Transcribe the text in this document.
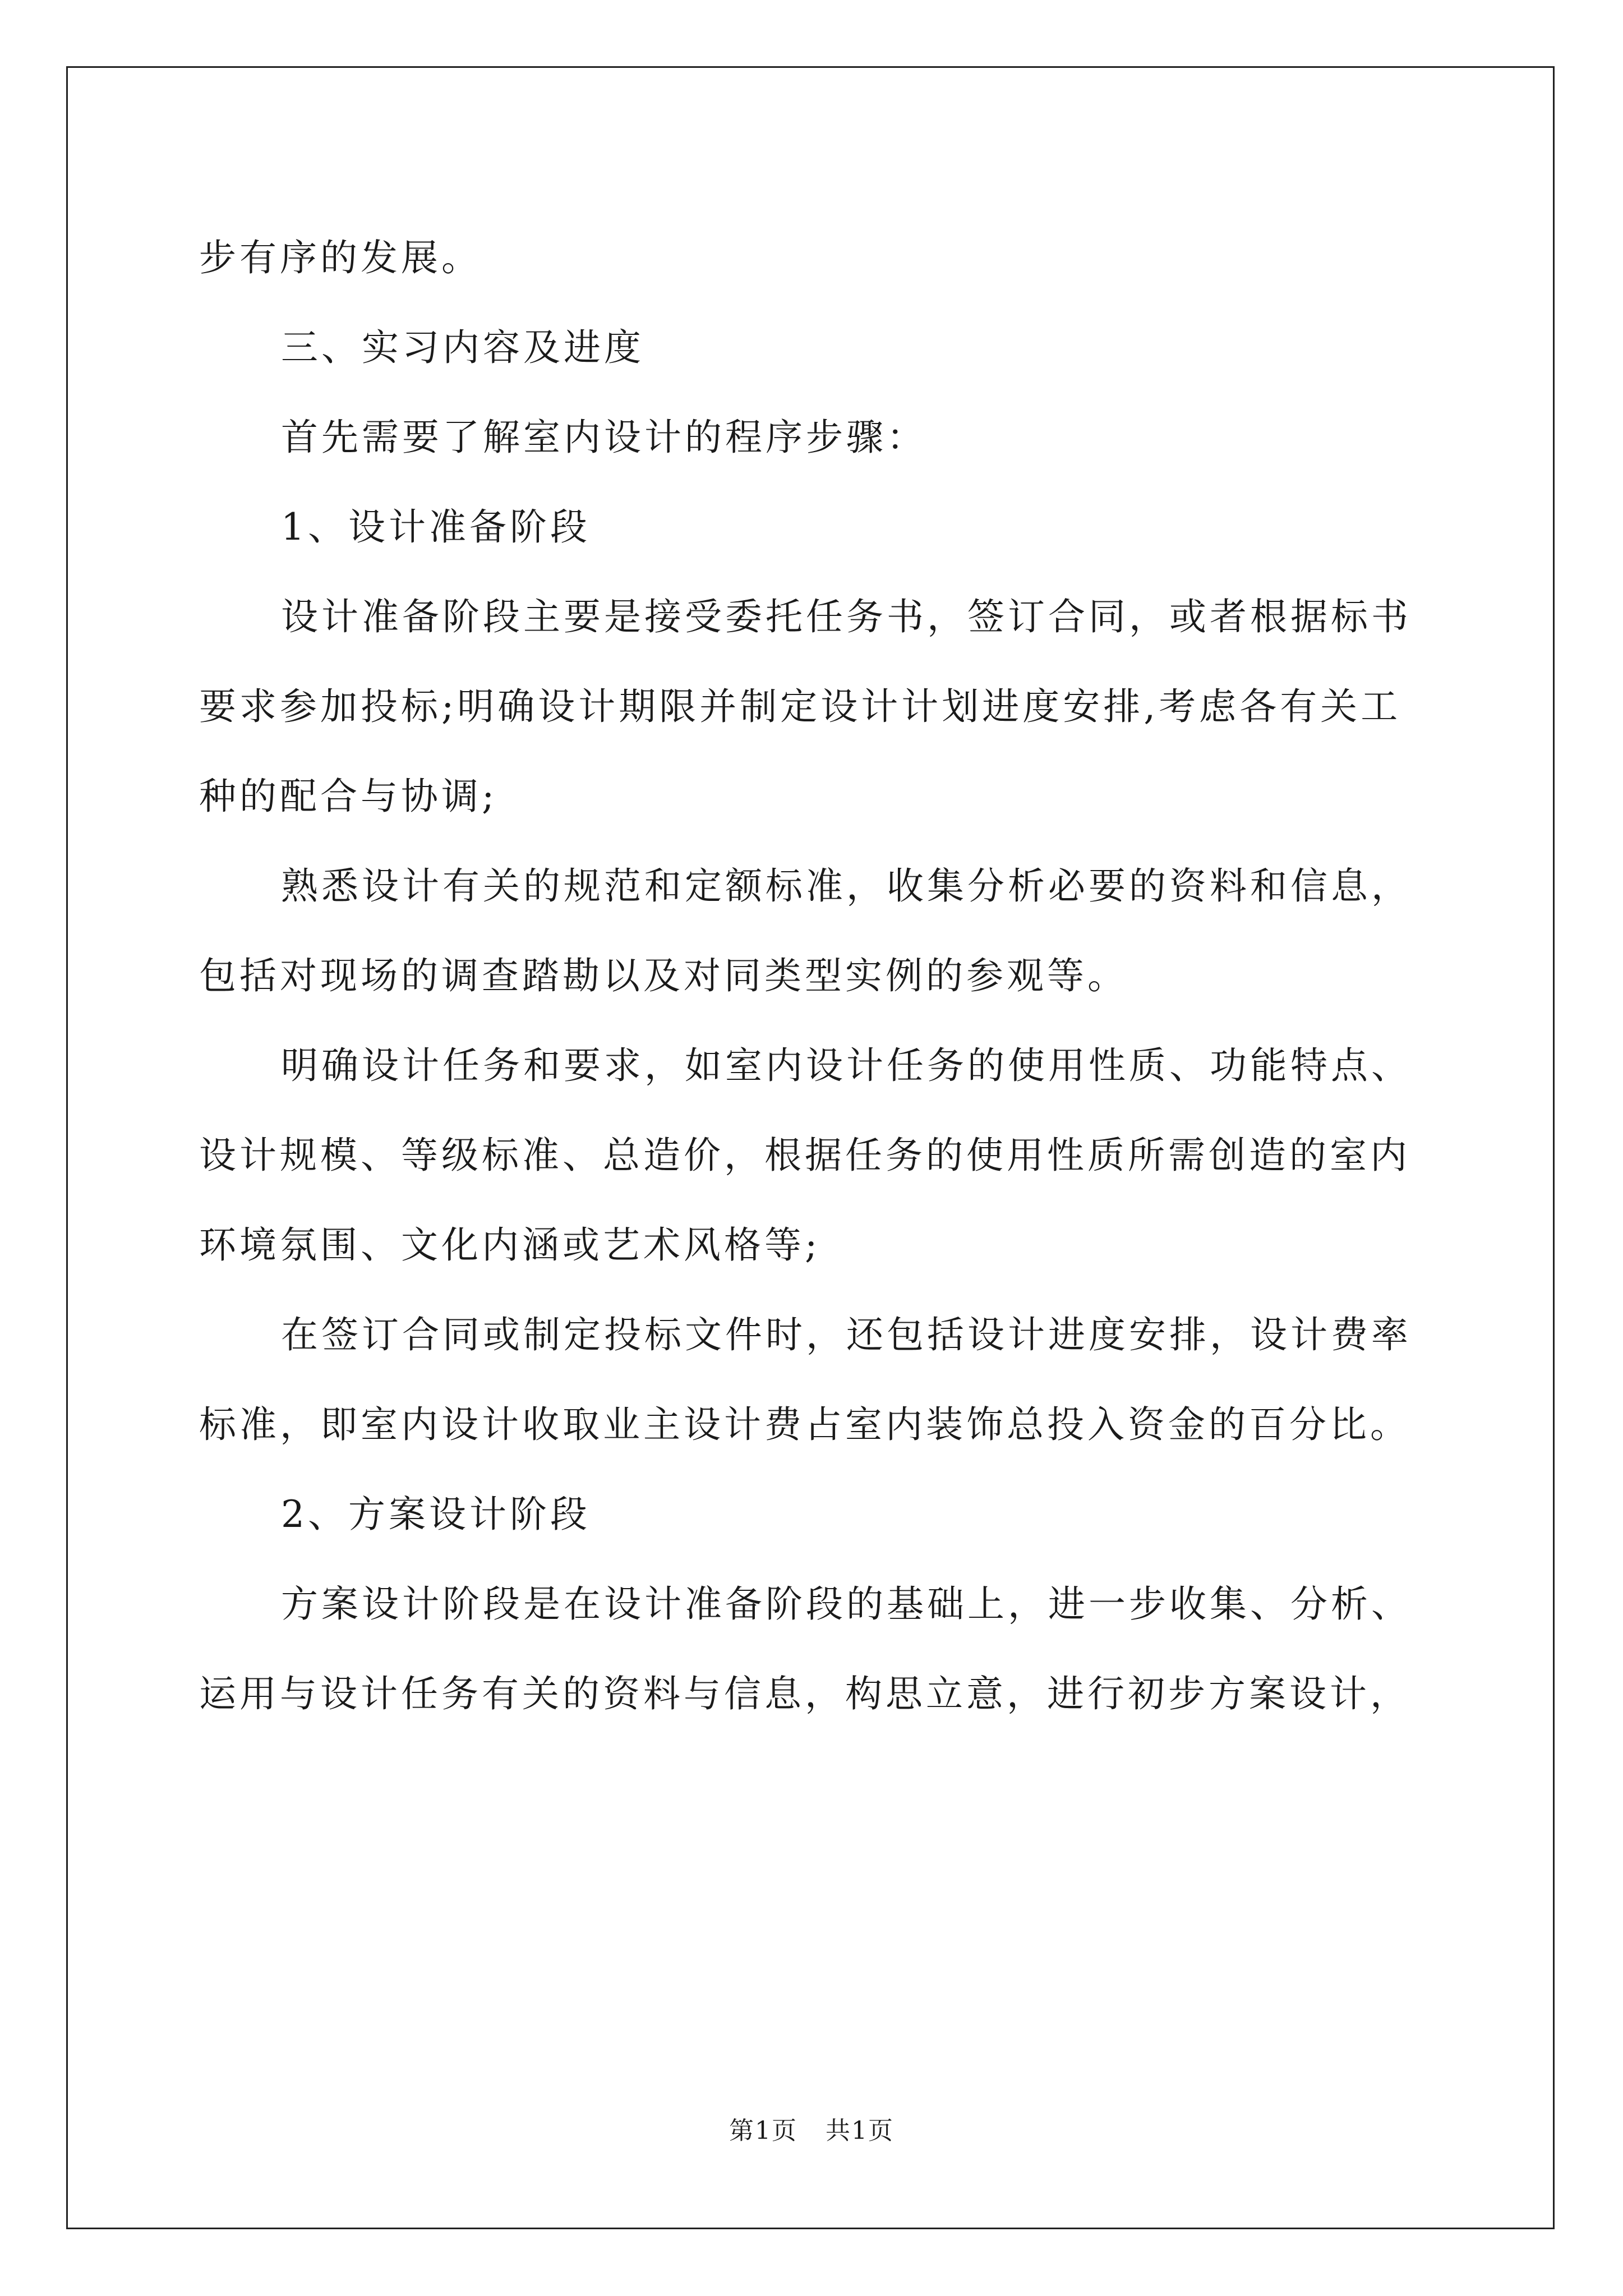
步有序的发展。

三、实习内容及进度

首先需要了解室内设计的程序步骤：

1、设计准备阶段

设计准备阶段主要是接受委托任务书，签订合同，或者根据标书

要求参加投标;明确设计期限并制定设计计划进度安排,考虑各有关工

种的配合与协调;

熟悉设计有关的规范和定额标准，收集分析必要的资料和信息，

包括对现场的调查踏勘以及对同类型实例的参观等。

明确设计任务和要求，如室内设计任务的使用性质、功能特点、

设计规模、等级标准、总造价，根据任务的使用性质所需创造的室内

环境氛围、文化内涵或艺术风格等;

在签订合同或制定投标文件时，还包括设计进度安排，设计费率

标准，即室内设计收取业主设计费占室内装饰总投入资金的百分比。

2、方案设计阶段

方案设计阶段是在设计准备阶段的基础上，进一步收集、分析、

运用与设计任务有关的资料与信息，构思立意，进行初步方案设计，

第1页 共1页
